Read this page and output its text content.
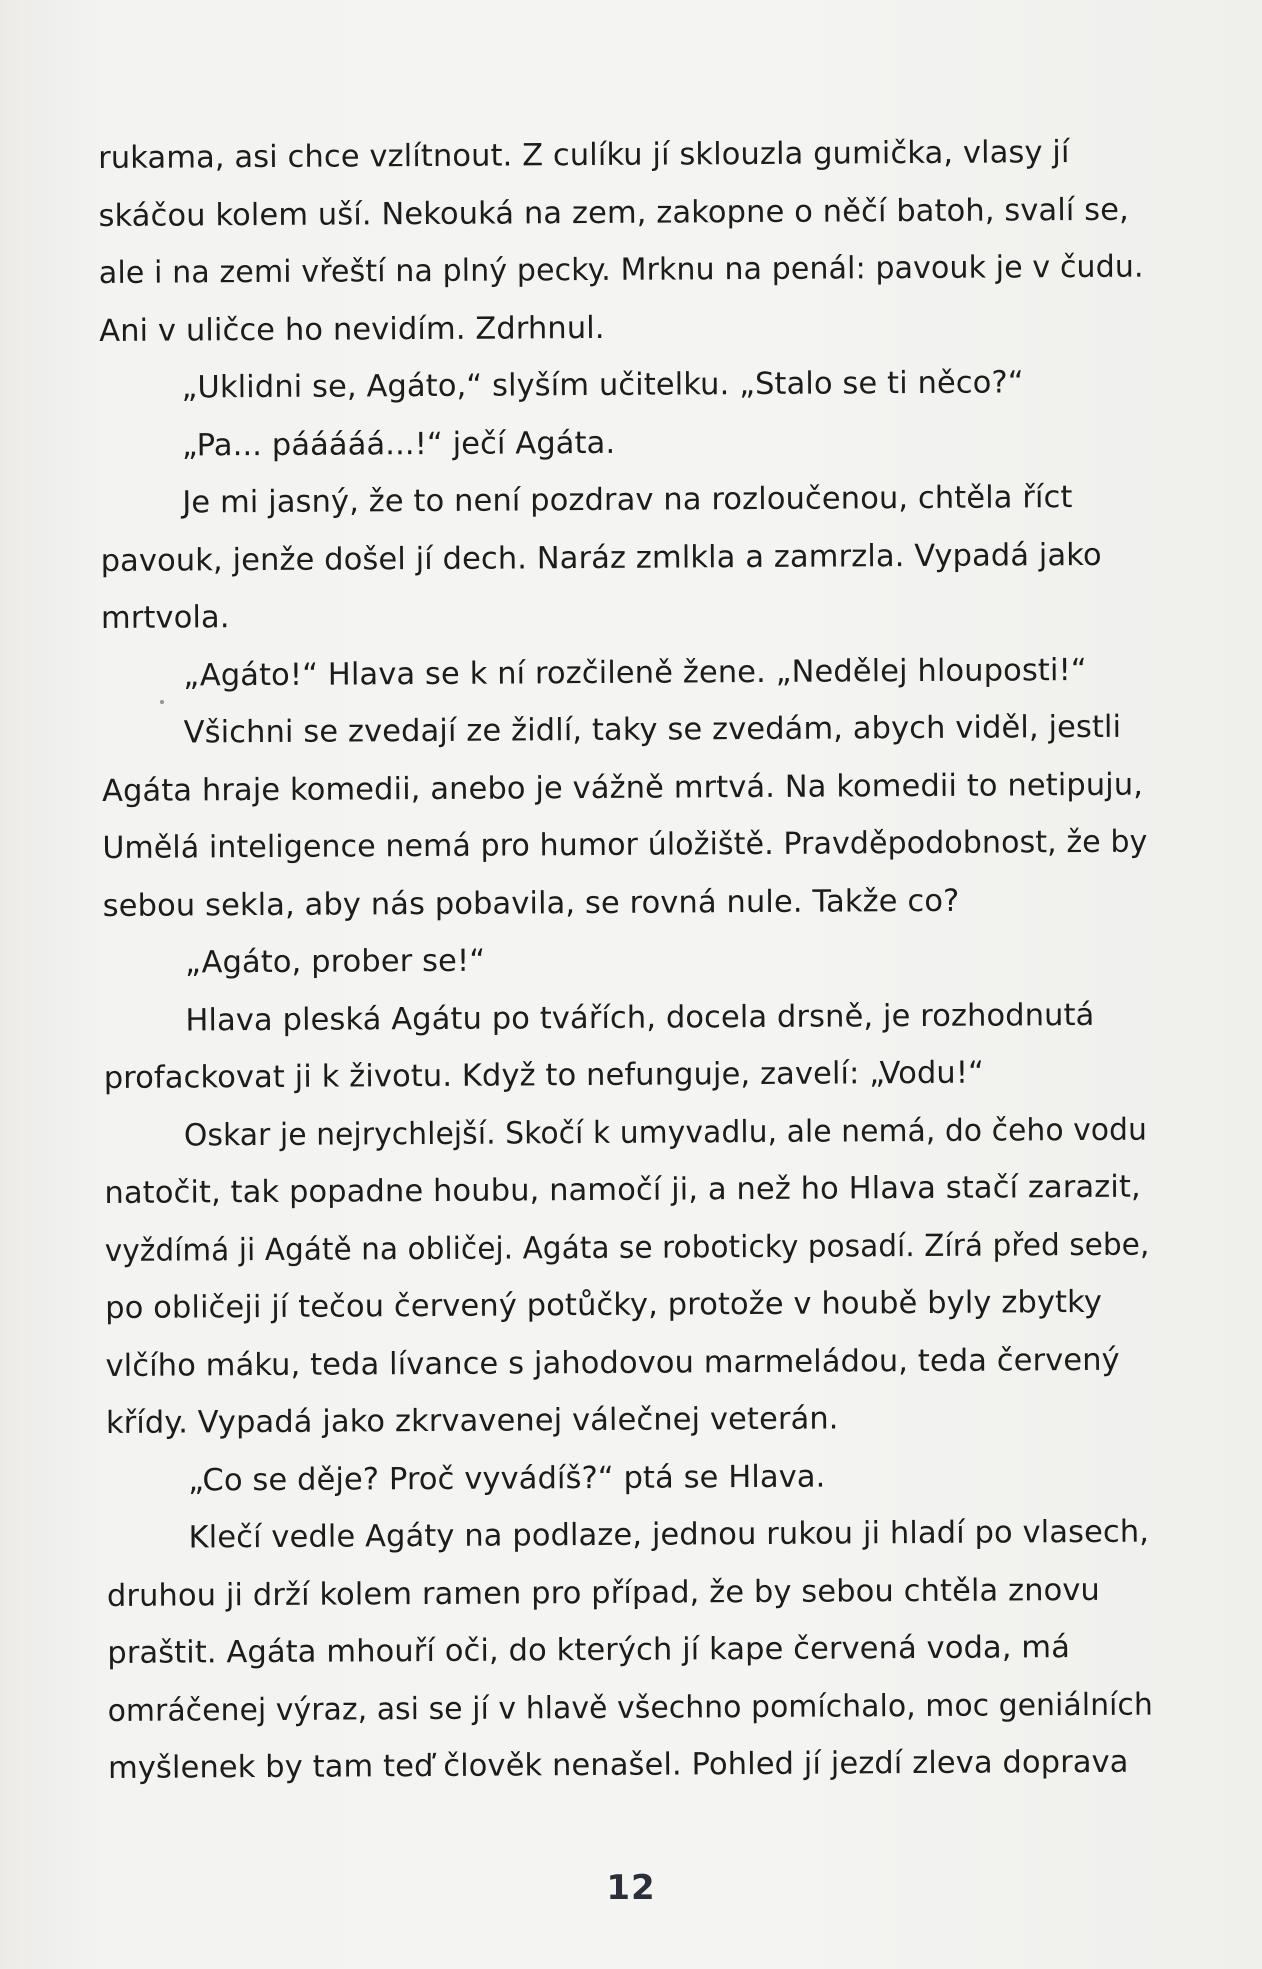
rukama, asi chce vzlítnout. Z culíku jí sklouzla gumička, vlasy jí
skáčou kolem uší. Nekouká na zem, zakopne o něčí batoh, svalí se,
ale i na zemi vřeští na plný pecky. Mrknu na penál: pavouk je v čudu.
Ani v uličce ho nevidím. Zdrhnul.
„Uklidni se, Agáto,“ slyším učitelku. „Stalo se ti něco?“
„Pa... pááááá...!“ ječí Agáta.
Je mi jasný, že to není pozdrav na rozloučenou, chtěla říct
pavouk, jenže došel jí dech. Naráz zmlkla a zamrzla. Vypadá jako
mrtvola.
„Agáto!“ Hlava se k ní rozčileně žene. „Nedělej hlouposti!“
Všichni se zvedají ze židlí, taky se zvedám, abych viděl, jestli
Agáta hraje komedii, anebo je vážně mrtvá. Na komedii to netipuju,
Umělá inteligence nemá pro humor úložiště. Pravděpodobnost, že by
sebou sekla, aby nás pobavila, se rovná nule. Takže co?
„Agáto, prober se!“
Hlava pleská Agátu po tvářích, docela drsně, je rozhodnutá
profackovat ji k životu. Když to nefunguje, zavelí: „Vodu!“
Oskar je nejrychlejší. Skočí k umyvadlu, ale nemá, do čeho vodu
natočit, tak popadne houbu, namočí ji, a než ho Hlava stačí zarazit,
vyždímá ji Agátě na obličej. Agáta se roboticky posadí. Zírá před sebe,
po obličeji jí tečou červený potůčky, protože v houbě byly zbytky
vlčího máku, teda lívance s jahodovou marmeládou, teda červený
křídy. Vypadá jako zkrvavenej válečnej veterán.
„Co se děje? Proč vyvádíš?“ ptá se Hlava.
Klečí vedle Agáty na podlaze, jednou rukou ji hladí po vlasech,
druhou ji drží kolem ramen pro případ, že by sebou chtěla znovu
praštit. Agáta mhouří oči, do kterých jí kape červená voda, má
omráčenej výraz, asi se jí v hlavě všechno pomíchalo, moc geniálních
myšlenek by tam teď člověk nenašel. Pohled jí jezdí zleva doprava
12
